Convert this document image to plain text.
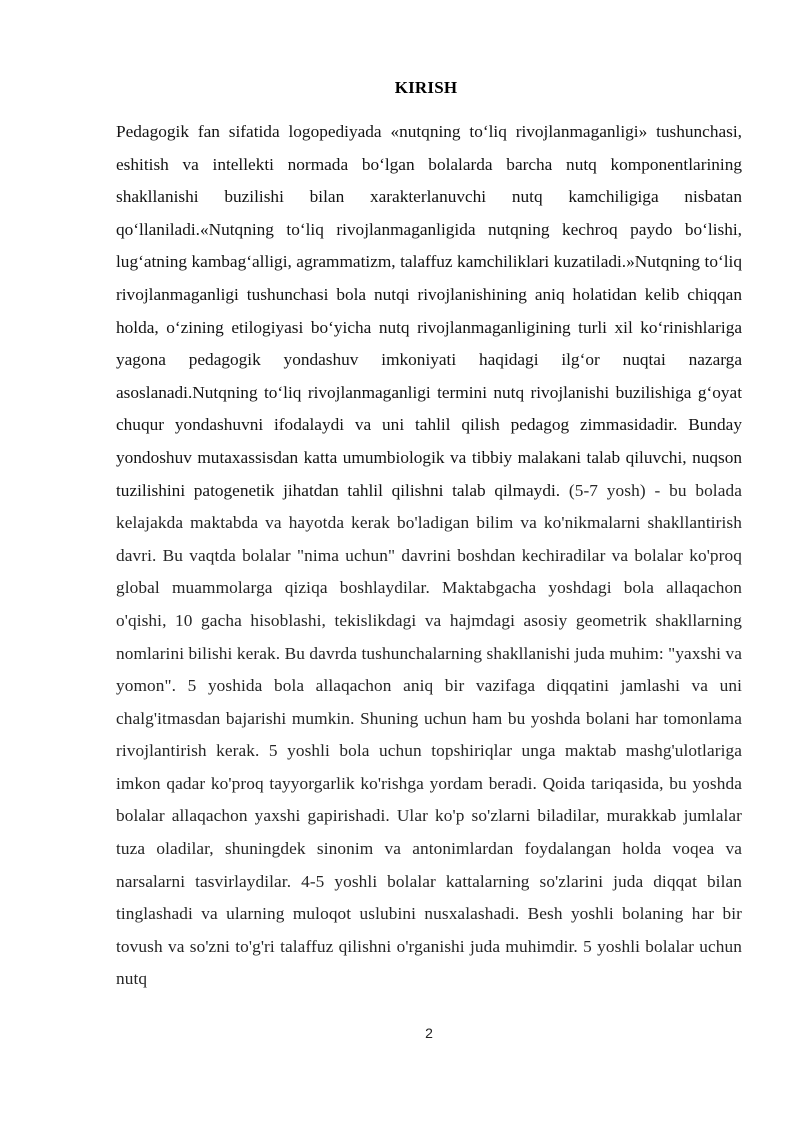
KIRISH

Pedagogik fan sifatida logopediyada «nutqning to‘liq rivojlanmaganligi» tushunchasi, eshitish va intellekti normada bo‘lgan bolalarda barcha nutq komponentlarining shakllanishi buzilishi bilan xarakterlanuvchi nutq kamchiligiga nisbatan qo‘llaniladi.«Nutqning to‘liq rivojlanmaganligida nutqning kechroq paydo bo‘lishi, lug‘atning kambag‘alligi, agrammatizm, talaffuz kamchiliklari kuzatiladi.»Nutqning to‘liq rivojlanmaganligi tushunchasi bola nutqi rivojlanishining aniq holatidan kelib chiqqan holda, o‘zining etilogiyasi bo‘yicha nutq rivojlanmaganligining turli xil ko‘rinishlariga yagona pedagogik yondashuv imkoniyati haqidagi ilg‘or nuqtai nazarga asoslanadi.Nutqning to‘liq rivojlanmaganligi termini nutq rivojlanishi buzilishiga g‘oyat chuqur yondashuvni ifodalaydi va uni tahlil qilish pedagog zimmasidadir. Bunday yondoshuv mutaxassisdan katta umumbiologik va tibbiy malakani talab qiluvchi, nuqson tuzilishini patogenetik jihatdan tahlil qilishni talab qilmaydi. (5-7 yosh) - bu bolada kelajakda maktabda va hayotda kerak bo'ladigan bilim va ko'nikmalarni shakllantirish davri. Bu vaqtda bolalar "nima uchun" davrini boshdan kechiradilar va bolalar ko'proq global muammolarga qiziqa boshlaydilar. Maktabgacha yoshdagi bola allaqachon o'qishi, 10 gacha hisoblashi, tekislikdagi va hajmdagi asosiy geometrik shakllarning nomlarini bilishi kerak. Bu davrda tushunchalarning shakllanishi juda muhim: "yaxshi va yomon". 5 yoshida bola allaqachon aniq bir vazifaga diqqatini jamlashi va uni chalg'itmasdan bajarishi mumkin. Shuning uchun ham bu yoshda bolani har tomonlama rivojlantirish kerak. 5 yoshli bola uchun topshiriqlar unga maktab mashg'ulotlariga imkon qadar ko'proq tayyorgarlik ko'rishga yordam beradi. Qoida tariqasida, bu yoshda bolalar allaqachon yaxshi gapirishadi. Ular ko'p so'zlarni biladilar, murakkab jumlalar tuza oladilar, shuningdek sinonim va antonimlardan foydalangan holda voqea va narsalarni tasvirlaydilar. 4-5 yoshli bolalar kattalarning so'zlarini juda diqqat bilan tinglashadi va ularning muloqot uslubini nusxalashadi. Besh yoshli bolaning har bir tovush va so'zni to'g'ri talaffuz qilishni o'rganishi juda muhimdir. 5 yoshli bolalar uchun nutq

2
